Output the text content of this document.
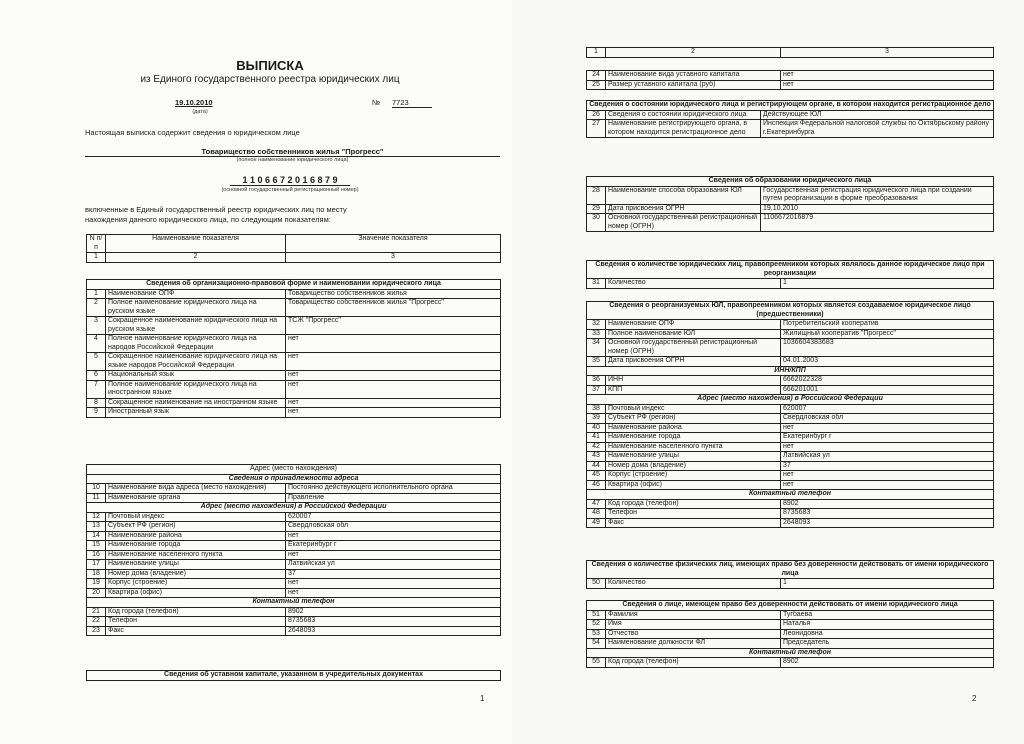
ВЫПИСКА
из Единого государственного реестра юридических лиц
19.10.2010
(дата)
№ 7723
Настоящая выписка содержит сведения о юридическом лице
Товарищество собственников жилья "Прогресс"
(полное наименование юридического лица)
1 1 0 6 6 7 2 0 1 6 8 7 9
(основной государственный регистрационный номер)
включенные в Единый государственный реестр юридических лиц по месту нахождения данного юридического лица, по следующим показателям:
N п/п	Наименование показателя	Значение показателя
1	2	3
Сведения об организационно-правовой форме и наименовании юридического лица		
1	Наименование ОПФ	Товарищество собственников жилья
2	Полное наименование юридического лица на русском языке	Товарищество собственников жилья "Прогресс"
3	Сокращенное наименование юридического лица на русском языке	ТСЖ "Прогресс"
4	Полное наименование юридического лица на народов Российской Федерации	нет
5	Сокращенное наименование юридического лица на языке народов Российской Федерации	нет
6	Национальный язык	нет
7	Полное наименование юридического лица на иностранном языке	нет
8	Сокращенное наименование на иностранном языке	нет
9	Иностранный язык	нет
Адрес (место нахождения)		
Сведения о принадлежности адреса		
10	Наименование вида адреса (место нахождения)	Постоянно действующего исполнительного органа
11	Наименование органа	Правление
Адрес (место нахождения) в Российской Федерации		
12	Почтовый индекс	620007
13	Субъект РФ (регион)	Свердловская обл
14	Наименование района	нет
15	Наименование города	Екатеринбург г
16	Наименование населенного пункта	нет
17	Наименование улицы	Латвийская ул
18	Номер дома (владение)	37
19	Корпус (строение)	нет
20	Квартира (офис)	нет
Контактный телефон		
21	Код города (телефон)	8902
22	Телефон	8735683
23	Факс	2648093
Сведения об уставном капитале, указанном в учредительных документах
1
1	2	3
24	Наименование вида уставного капитала	нет
25	Размер уставного капитала (руб)	нет
Сведения о состоянии юридического лица и регистрирующем органе, в котором находится регистрационное дело		
26	Сведения о состоянии юридического лица	Действующее ЮЛ
27	Наименование регистрирующего органа, в котором находится регистрационное дело	Инспекция Федеральной налоговой службы по Октябрьскому району г.Екатеринбурга
Сведения об образовании юридического лица		
28	Наименование способа образования ЮЛ	Государственная регистрация юридического лица при создании путем реорганизации в форме преобразования
29	Дата присвоения ОГРН	19.10.2010
30	Основной государственный регистрационный номер (ОГРН)	1106672016879
Сведения о количестве юридических лиц, правопреемником которых являлось данное юридическое лицо при реорганизации
31	Количество	1
Сведения о реорганизуемых ЮЛ, правопреемником которых является создаваемое юридическое лицо (предшественники)		
32	Наименование ОПФ	Потребительский кооператив
33	Полное наименование ЮЛ	Жилищный кооператив "Прогресс"
34	Основной государственный регистрационный номер (ОГРН)	1036604383683
35	Дата присвоения ОГРН	04.01.2003
ИНН/КПП		
36	ИНН	6662022328
37	КПП	666201001
Адрес (место нахождения) в Российской Федерации		
38	Почтовый индекс	620007
39	Субъект РФ (регион)	Свердловская обл
40	Наименование района	нет
41	Наименование города	Екатеринбург г
42	Наименование населенного пункта	нет
43	Наименование улицы	Латвийская ул
44	Номер дома (владение)	37
45	Корпус (строение)	нет
46	Квартира (офис)	нет
Контактный телефон		
47	Код города (телефон)	8902
48	Телефон	8735683
49	Факс	2648093
Сведения о количестве физических лиц, имеющих право без доверенности действовать от имени юридического лица
50	Количество	1
Сведения о лице, имеющем право без доверенности действовать от имени юридического лица		
51	Фамилия	Тугбаева
52	Имя	Наталья
53	Отчество	Леонидовна
54	Наименование должности ФЛ	Председатель
Контактный телефон		
55	Код города (телефон)	8902
2
